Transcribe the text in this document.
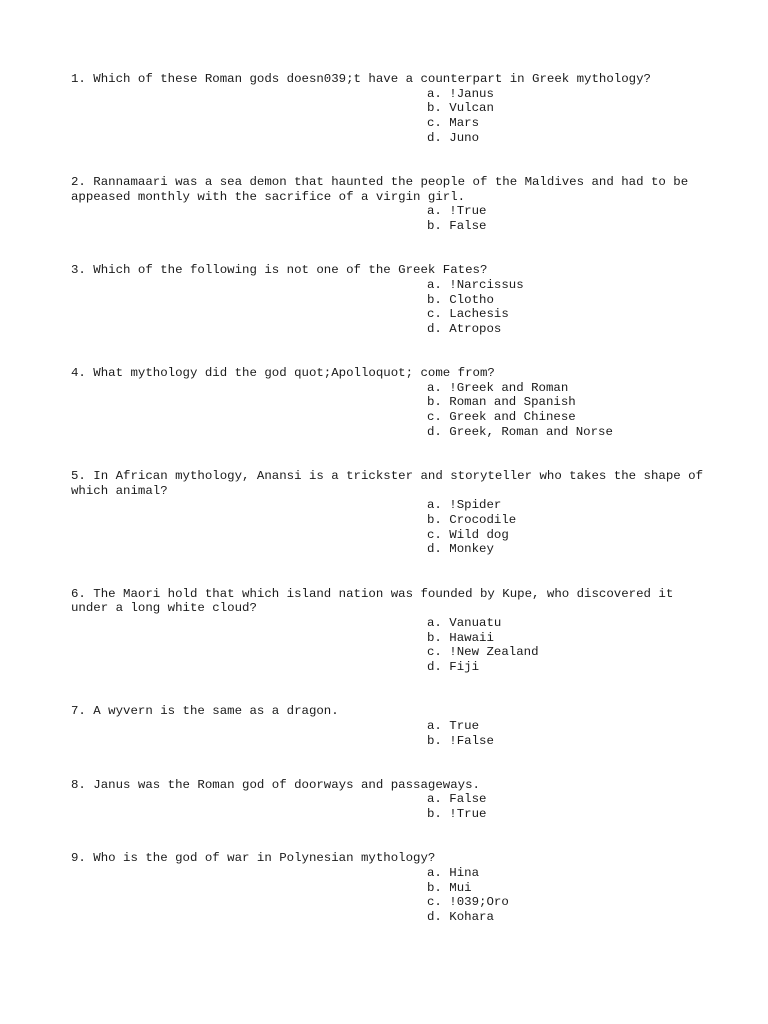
1. Which of these Roman gods doesn039;t have a counterpart in Greek mythology?

a. !Janus
b. Vulcan
c. Mars
d. Juno

2. Rannamaari was a sea demon that haunted the people of the Maldives and had to be appeased monthly with the sacrifice of a virgin girl.

a. !True
b. False

3. Which of the following is not one of the Greek Fates?

a. !Narcissus
b. Clotho
c. Lachesis
d. Atropos

4. What mythology did the god quot;Apolloquot; come from?

a. !Greek and Roman
b. Roman and Spanish
c. Greek and Chinese
d. Greek, Roman and Norse

5. In African mythology, Anansi is a trickster and storyteller who takes the shape of which animal?

a. !Spider
b. Crocodile
c. Wild dog
d. Monkey

6. The Maori hold that which island nation was founded by Kupe, who discovered it under a long white cloud?

a. Vanuatu
b. Hawaii
c. !New Zealand
d. Fiji

7. A wyvern is the same as a dragon.

a. True
b. !False

8. Janus was the Roman god of doorways and passageways.

a. False
b. !True

9. Who is the god of war in Polynesian mythology?

a. Hina
b. Mui
c. !039;Oro
d. Kohara
